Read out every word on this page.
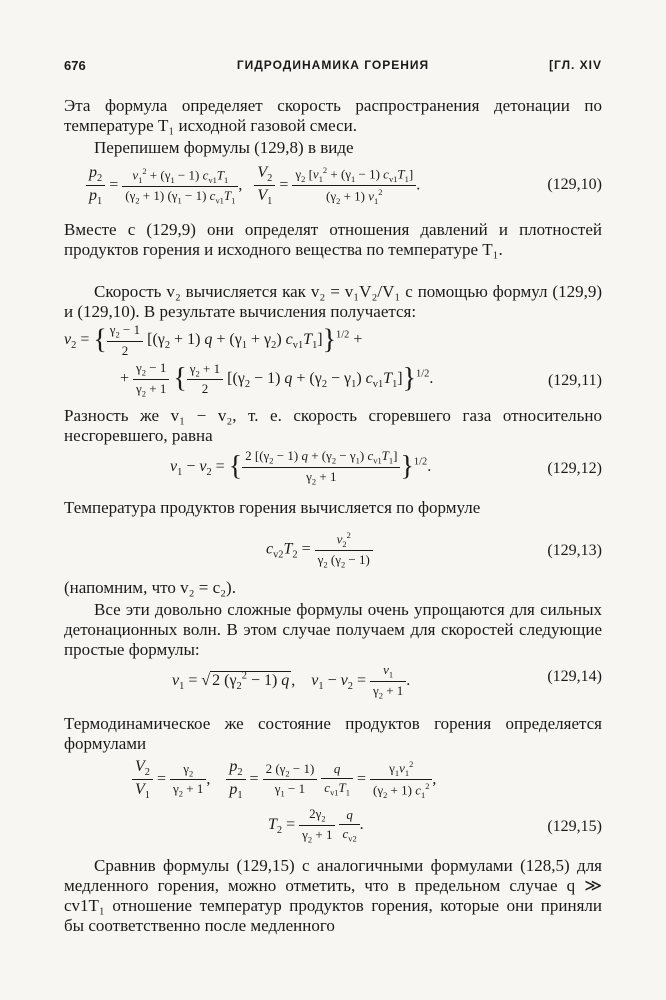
676	ГИДРОДИНАМИКА ГОРЕНИЯ	[ГЛ. XIV
Эта формула определяет скорость распространения детонации по температуре T₁ исходной газовой смеси.
Перепишем формулы (129,8) в виде
$\frac{p_2}{p_1} = \frac{v_1^2 + (\gamma_1 - 1) c_{v1}T_1}{(\gamma_2 + 1) (\gamma_1 - 1) c_{v1}T_1}$ , $\frac{V_2}{V_1} = \frac{\gamma_2 [v_1^2 + (\gamma_1 - 1) c_{v1}T_1]}{(\gamma_2 + 1) v_1^2}$ .	(129,10)
Вместе с (129,9) они определят отношения давлений и плотностей продуктов горения и исходного вещества по температуре T₁.
Скорость v₂ вычисляется как v₂ = v₁V₂/V₁ с помощью формул (129,9) и (129,10). В результате вычисления получается:
$v_2$ = { $\frac{\gamma_2 - 1}{2} [(\gamma_2 + 1) q + (\gamma_1 + \gamma_2) c_{v1}T_1]\}^{1/2}$ +
+ $\frac{\gamma_2 - 1}{\gamma_2 + 1}$ { $\frac{\gamma_2 + 1}{2} [(\gamma_2 - 1) q + (\gamma_2 - \gamma_1)$ $c_{v1}T_1]\}^{1/2}$.	(129,11)
Разность же v₁ − v₂, т. е. скорость сгоревшего газа относительно несгоревшего, равна
$v_1 - v_2$ = { $\frac{2 [(\gamma_2 - 1) q + (\gamma_2 - \gamma_1) c_{v1}T_1]}{\gamma_2 + 1} \}^{1/2}$.	(129,12)
Температура продуктов горения вычисляется по формуле
$c_{v2}T_2 = \frac{v_2^2}{\gamma_2 (\gamma_2 - 1)}$	(129,13)
(напомним, что v₂ = c₂).
Все эти довольно сложные формулы очень упрощаются для сильных детонационных волн. В этом случае получаем для скоростей следующие простые формулы:
$v_1$ = √ 2 $(\gamma_2^2 - 1)$ q ,    $v_1 - v_2 = \frac{v_1}{\gamma_2 + 1}$ .	(129,14)
Термодинамическое же состояние продуктов горения определяется формулами
$\frac{V_2}{V_1} = \frac{\gamma_2}{\gamma_2 + 1}$ , $\frac{p_2}{p_1} = \frac{2 (\gamma_2 - 1)}{\gamma_1 - 1}$
$\frac{q}{c_{v1}T_1} = \frac{\gamma_1v_1^2}{(\gamma_2 + 1) c_1^2}$ ,
$T_2 = \frac{2\gamma_2}{\gamma_2 + 1}$
$\frac{q}{c_{v2}}$ .	(129,15)
Сравнив формулы (129,15) с аналогичными формулами (128,5) для медленного горения, можно отметить, что в предельном случае q ≫ cv1T₁ отношение температур продуктов горения, которые они приняли бы соответственно после медленного
